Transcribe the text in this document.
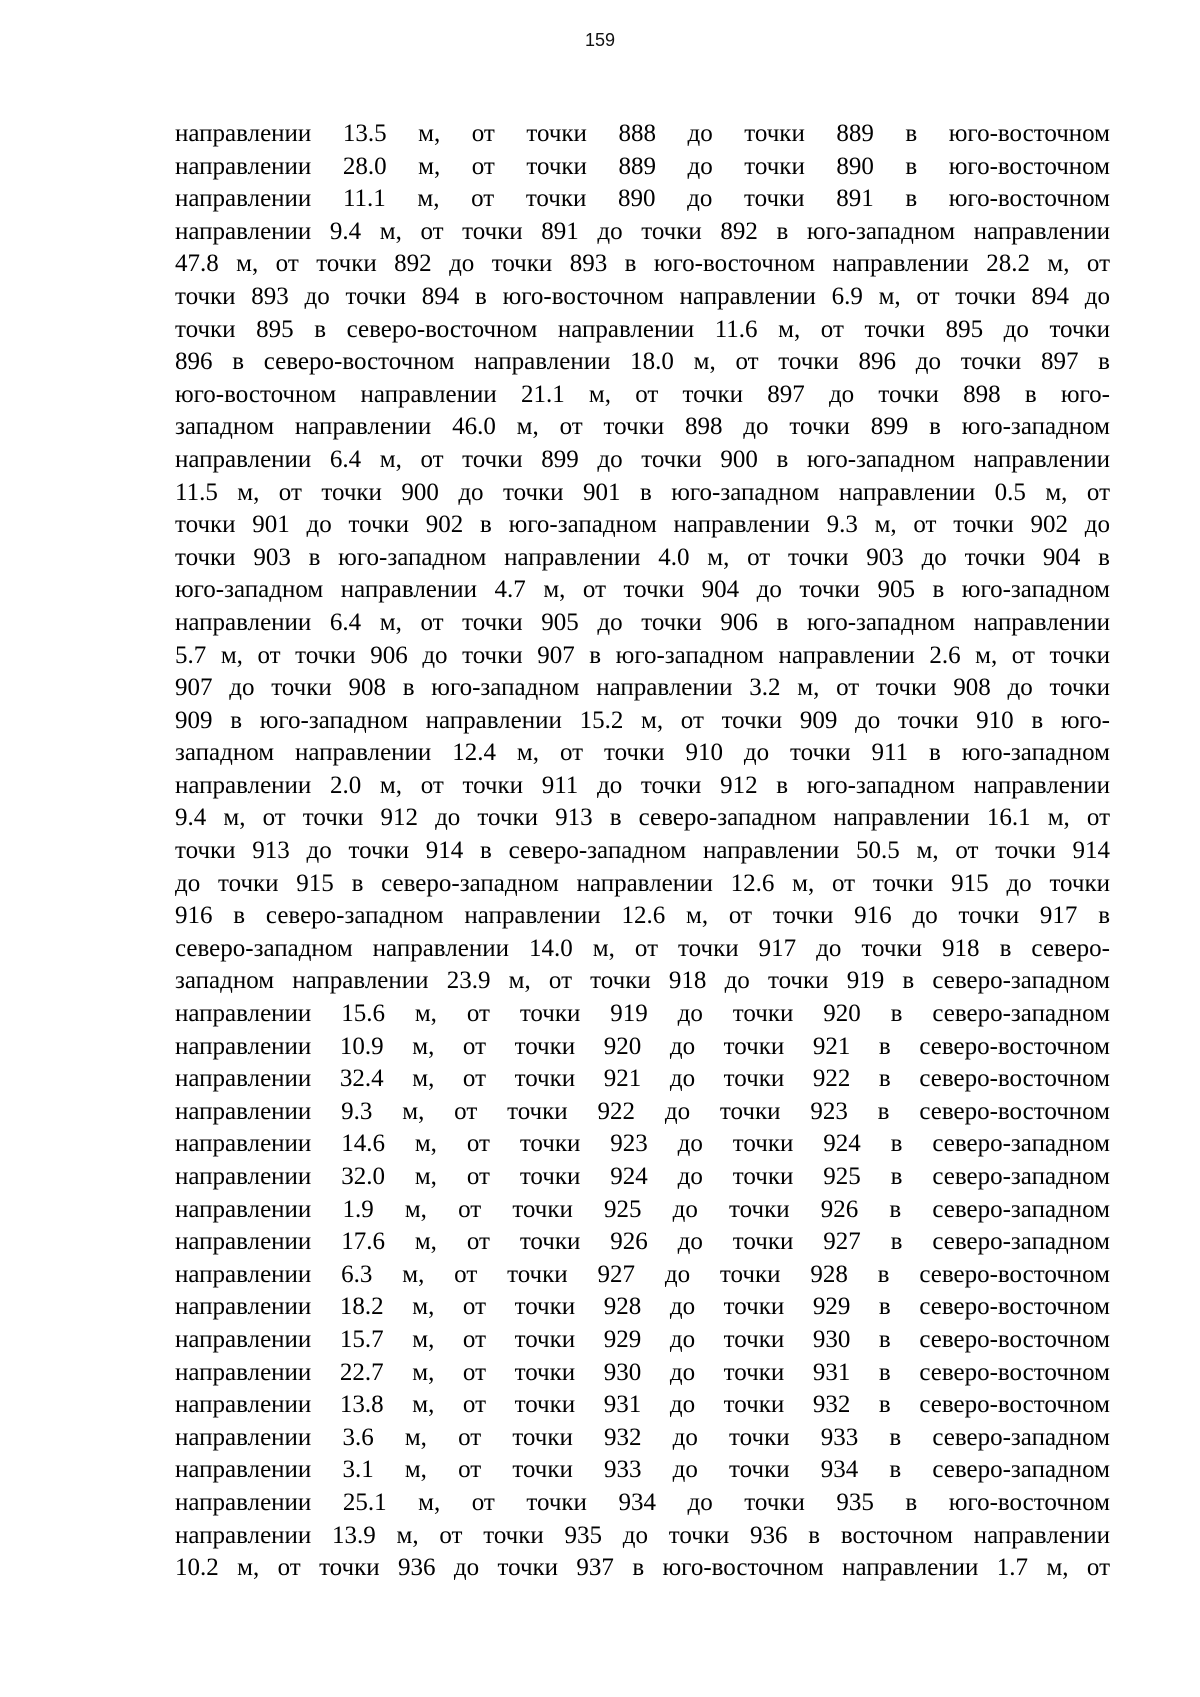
159
направлении 13.5 м, от точки 888 до точки 889 в юго-восточном
направлении 28.0 м, от точки 889 до точки 890 в юго-восточном
направлении 11.1 м, от точки 890 до точки 891 в юго-восточном
направлении 9.4 м, от точки 891 до точки 892 в юго-западном направлении
47.8 м, от точки 892 до точки 893 в юго-восточном направлении 28.2 м, от
точки 893 до точки 894 в юго-восточном направлении 6.9 м, от точки 894 до
точки 895 в северо-восточном направлении 11.6 м, от точки 895 до точки
896 в северо-восточном направлении 18.0 м, от точки 896 до точки 897 в
юго-восточном направлении 21.1 м, от точки 897 до точки 898 в юго-
западном направлении 46.0 м, от точки 898 до точки 899 в юго-западном
направлении 6.4 м, от точки 899 до точки 900 в юго-западном направлении
11.5 м, от точки 900 до точки 901 в юго-западном направлении 0.5 м, от
точки 901 до точки 902 в юго-западном направлении 9.3 м, от точки 902 до
точки 903 в юго-западном направлении 4.0 м, от точки 903 до точки 904 в
юго-западном направлении 4.7 м, от точки 904 до точки 905 в юго-западном
направлении 6.4 м, от точки 905 до точки 906 в юго-западном направлении
5.7 м, от точки 906 до точки 907 в юго-западном направлении 2.6 м, от точки
907 до точки 908 в юго-западном направлении 3.2 м, от точки 908 до точки
909 в юго-западном направлении 15.2 м, от точки 909 до точки 910 в юго-
западном направлении 12.4 м, от точки 910 до точки 911 в юго-западном
направлении 2.0 м, от точки 911 до точки 912 в юго-западном направлении
9.4 м, от точки 912 до точки 913 в северо-западном направлении 16.1 м, от
точки 913 до точки 914 в северо-западном направлении 50.5 м, от точки 914
до точки 915 в северо-западном направлении 12.6 м, от точки 915 до точки
916 в северо-западном направлении 12.6 м, от точки 916 до точки 917 в
северо-западном направлении 14.0 м, от точки 917 до точки 918 в северо-
западном направлении 23.9 м, от точки 918 до точки 919 в северо-западном
направлении 15.6 м, от точки 919 до точки 920 в северо-западном
направлении 10.9 м, от точки 920 до точки 921 в северо-восточном
направлении 32.4 м, от точки 921 до точки 922 в северо-восточном
направлении 9.3 м, от точки 922 до точки 923 в северо-восточном
направлении 14.6 м, от точки 923 до точки 924 в северо-западном
направлении 32.0 м, от точки 924 до точки 925 в северо-западном
направлении 1.9 м, от точки 925 до точки 926 в северо-западном
направлении 17.6 м, от точки 926 до точки 927 в северо-западном
направлении 6.3 м, от точки 927 до точки 928 в северо-восточном
направлении 18.2 м, от точки 928 до точки 929 в северо-восточном
направлении 15.7 м, от точки 929 до точки 930 в северо-восточном
направлении 22.7 м, от точки 930 до точки 931 в северо-восточном
направлении 13.8 м, от точки 931 до точки 932 в северо-восточном
направлении 3.6 м, от точки 932 до точки 933 в северо-западном
направлении 3.1 м, от точки 933 до точки 934 в северо-западном
направлении 25.1 м, от точки 934 до точки 935 в юго-восточном
направлении 13.9 м, от точки 935 до точки 936 в восточном направлении
10.2 м, от точки 936 до точки 937 в юго-восточном направлении 1.7 м, от
